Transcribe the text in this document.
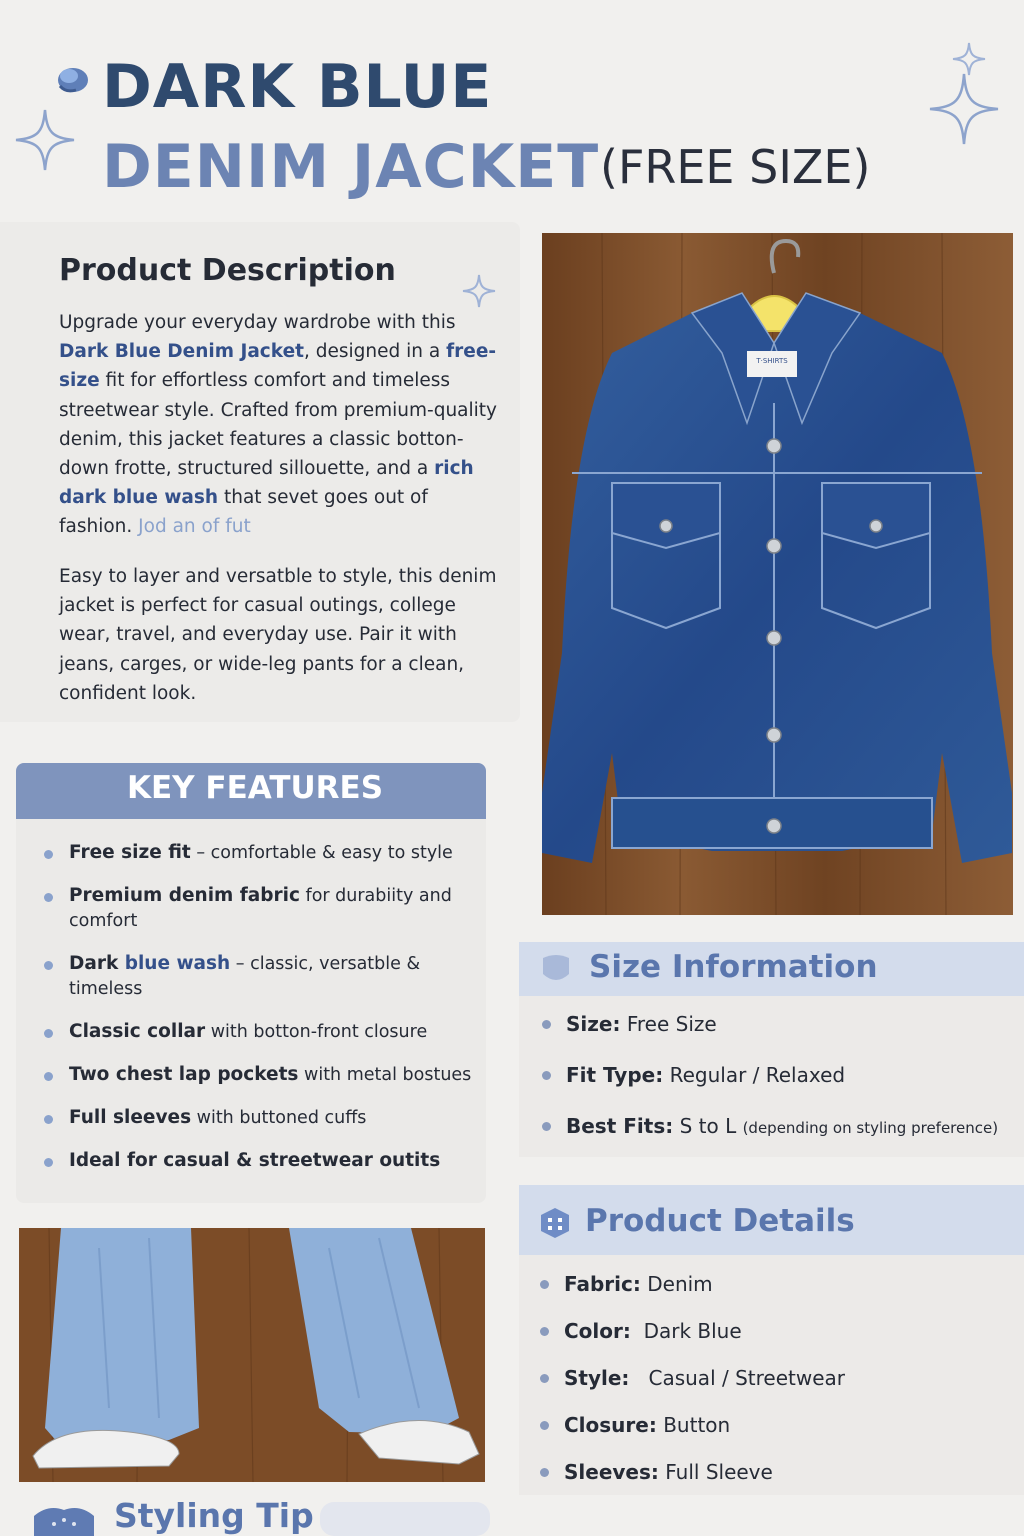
DARK BLUE
DENIM JACKET (FREE SIZE)
Product Description
Upgrade your everyday wardrobe with this Dark Blue Denim Jacket, designed in a free-size fit for effortless comfort and timeless streetwear style. Crafted from premium-quality denim, this jacket features a classic botton-down frotte, structured sillouette, and a rich dark blue wash that sevet goes out of fashion. Jod an of fut
Easy to layer and versatble to style, this denim jacket is perfect for casual outings, college wear, travel, and everyday use. Pair it with jeans, carges, or wide-leg pants for a clean, confident look.
KEY FEATURES
Free size fit – comfortable & easy to style
Premium denim fabric for durabiity and comfort
Dark blue wash – classic, versatble & timeless
Classic collar with botton-front closure
Two chest lap pockets with metal bostues
Full sleeves with buttoned cuffs
Ideal for casual & streetwear outits
T·SHIRTS
Size Information
Size: Free Size
Fit Type: Regular / Relaxed
Best Fits: S to L (depending on styling preference)
Product Details
Fabric: Denim
Color:  Dark Blue
Style:   Casual / Streetwear
Closure: Button
Sleeves: Full Sleeve
Styling Tip
